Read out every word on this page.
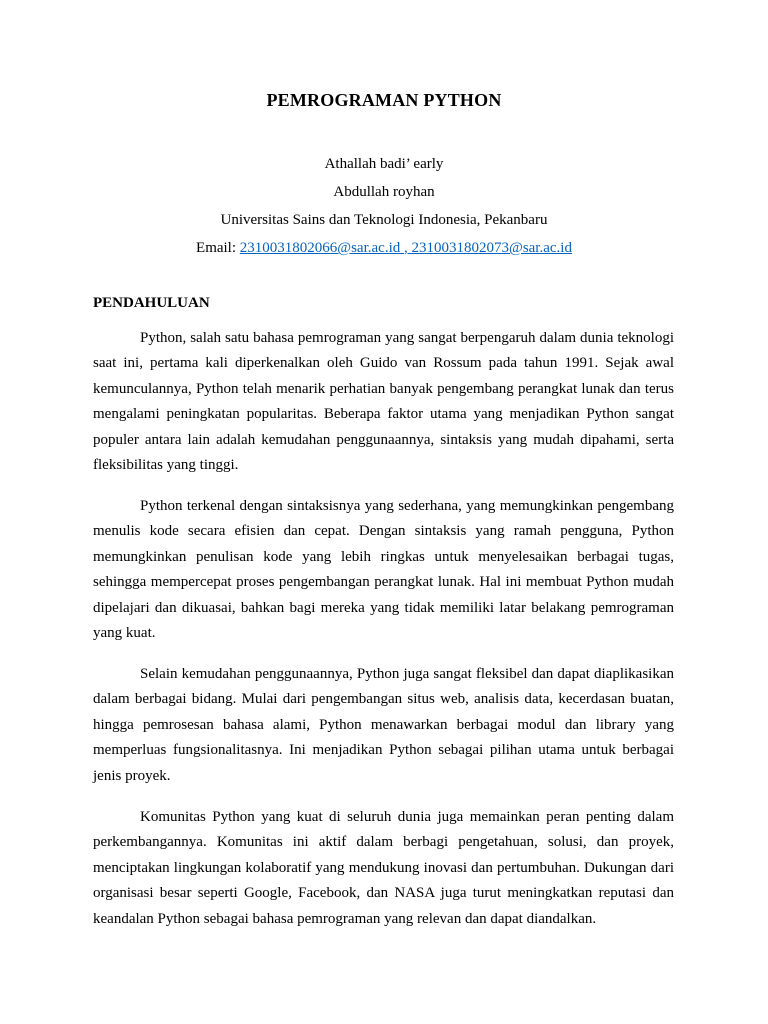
PEMROGRAMAN PYTHON
Athallah badi’ early
Abdullah royhan
Universitas Sains dan Teknologi Indonesia, Pekanbaru
Email: 2310031802066@sar.ac.id , 2310031802073@sar.ac.id
PENDAHULUAN

Python, salah satu bahasa pemrograman yang sangat berpengaruh dalam dunia teknologi saat ini, pertama kali diperkenalkan oleh Guido van Rossum pada tahun 1991. Sejak awal kemunculannya, Python telah menarik perhatian banyak pengembang perangkat lunak dan terus mengalami peningkatan popularitas. Beberapa faktor utama yang menjadikan Python sangat populer antara lain adalah kemudahan penggunaannya, sintaksis yang mudah dipahami, serta fleksibilitas yang tinggi.

Python terkenal dengan sintaksisnya yang sederhana, yang memungkinkan pengembang menulis kode secara efisien dan cepat. Dengan sintaksis yang ramah pengguna, Python memungkinkan penulisan kode yang lebih ringkas untuk menyelesaikan berbagai tugas, sehingga mempercepat proses pengembangan perangkat lunak. Hal ini membuat Python mudah dipelajari dan dikuasai, bahkan bagi mereka yang tidak memiliki latar belakang pemrograman yang kuat.

Selain kemudahan penggunaannya, Python juga sangat fleksibel dan dapat diaplikasikan dalam berbagai bidang. Mulai dari pengembangan situs web, analisis data, kecerdasan buatan, hingga pemrosesan bahasa alami, Python menawarkan berbagai modul dan library yang memperluas fungsionalitasnya. Ini menjadikan Python sebagai pilihan utama untuk berbagai jenis proyek.

Komunitas Python yang kuat di seluruh dunia juga memainkan peran penting dalam perkembangannya. Komunitas ini aktif dalam berbagi pengetahuan, solusi, dan proyek, menciptakan lingkungan kolaboratif yang mendukung inovasi dan pertumbuhan. Dukungan dari organisasi besar seperti Google, Facebook, dan NASA juga turut meningkatkan reputasi dan keandalan Python sebagai bahasa pemrograman yang relevan dan dapat diandalkan.
